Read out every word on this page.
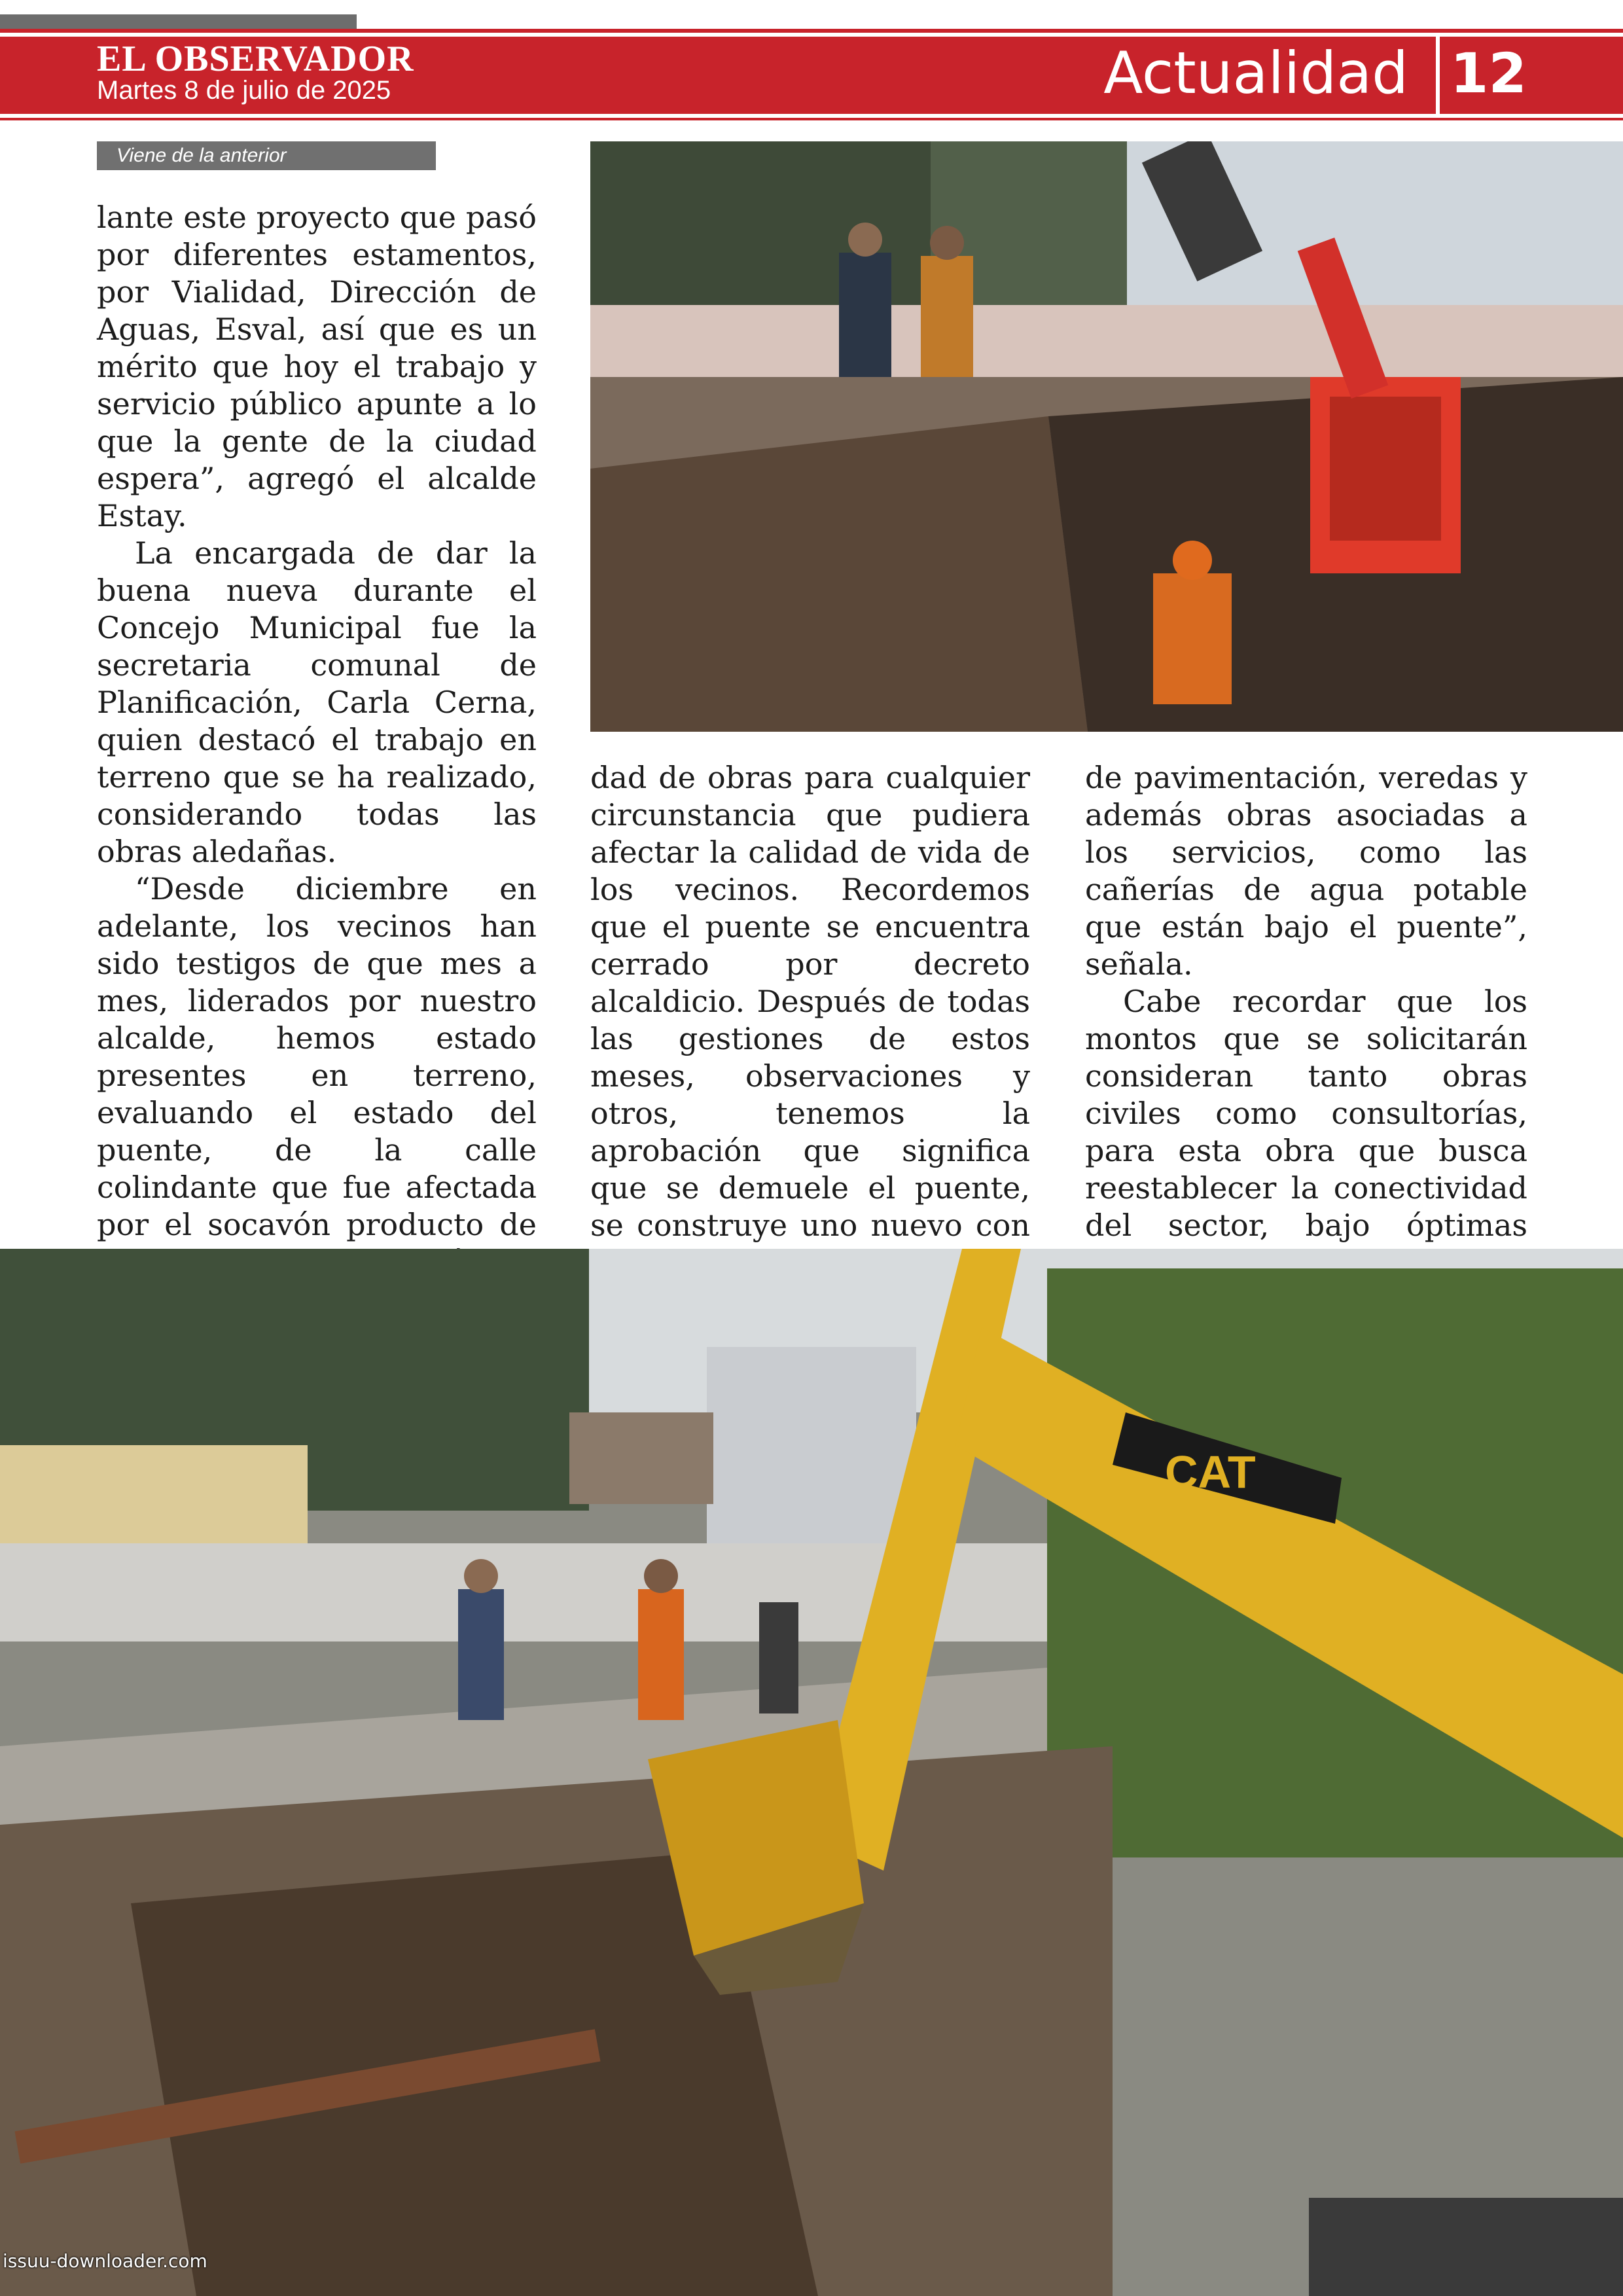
EL OBSERVADOR
Martes 8 de julio de 2025	Actualidad 12
Viene de la anterior

lante este proyecto que pasó por diferentes estamentos, por Vialidad, Dirección de Aguas, Esval, así que es un mérito que hoy el trabajo y servicio público apunte a lo que la gente de la ciudad espera”, agregó el alcalde Estay.

La encargada de dar la buena nueva durante el Concejo Municipal fue la secretaria comunal de Planificación, Carla Cerna, quien destacó el trabajo en terreno que se ha realizado, considerando todas las obras aledañas.

“Desde diciembre en adelante, los vecinos han sido testigos de que mes a mes, liderados por nuestro alcalde, hemos estado presentes en terreno, evaluando el estado del puente, de la calle colindante que fue afectada por el socavón producto de

dad de obras para cualquier circunstancia que pudiera afectar la calidad de vida de los vecinos. Recordemos que el puente se encuentra cerrado por decreto alcaldicio. Después de todas las gestiones de estos meses, observaciones y otros, tenemos la aprobación que significa que se demuele el puente, se construye uno nuevo con

de pavimentación, veredas y además obras asociadas a los servicios, como las cañerías de agua potable que están bajo el puente”, señala.

Cabe recordar que los montos que se solicitarán consideran tanto obras civiles como consultorías, para esta obra que busca reestablecer la conectividad del sector, bajo óptimas

CAT
issuu-downloader.com
